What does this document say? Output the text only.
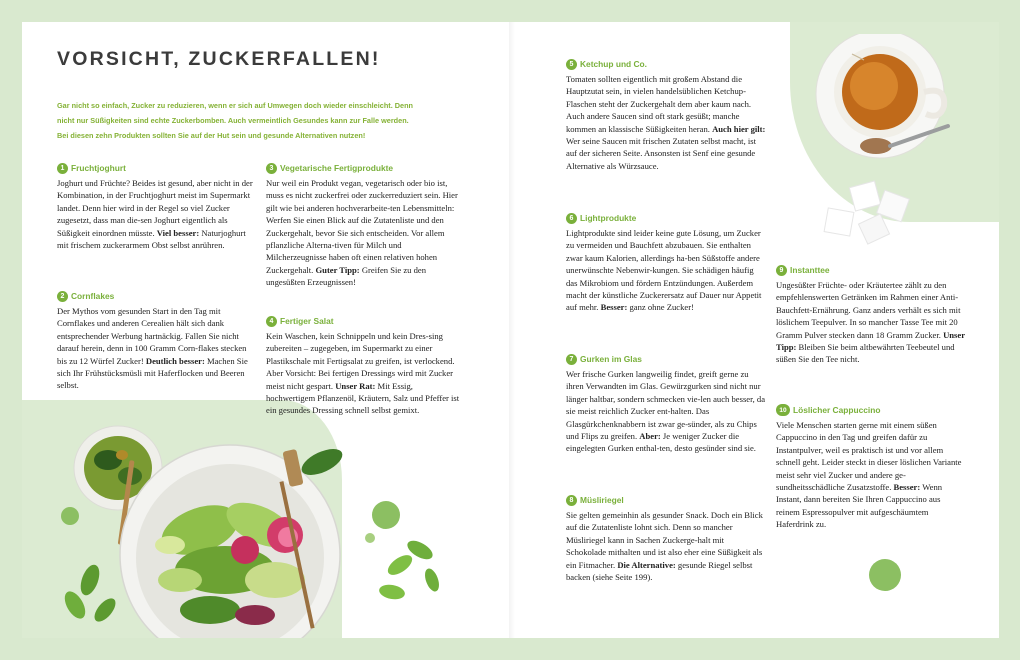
VORSICHT, ZUCKERFALLEN!

Gar nicht so einfach, Zucker zu reduzieren, wenn er sich auf Umwegen doch wieder einschleicht. Denn nicht nur Süßigkeiten sind echte Zuckerbomben. Auch vermeintlich Gesundes kann zur Falle werden. Bei diesen zehn Produkten sollten Sie auf der Hut sein und gesunde Alternativen nutzen!

1 Fruchtjoghurt

Joghurt und Früchte? Beides ist gesund, aber nicht in der Kombination, in der Fruchtjoghurt meist im Supermarkt landet. Denn hier wird in der Regel so viel Zucker zugesetzt, dass man die-sen Joghurt eigentlich als Süßigkeit einordnen müsste. Viel besser: Naturjoghurt mit frischem zuckerarmem Obst selbst anrühren.

2 Cornflakes

Der Mythos vom gesunden Start in den Tag mit Cornflakes und anderen Cerealien hält sich dank entsprechender Werbung hartnäckig. Fallen Sie nicht darauf herein, denn in 100 Gramm Corn-flakes stecken bis zu 12 Würfel Zucker! Deutlich besser: Machen Sie sich Ihr Frühstücksmüsli mit Haferflocken und Beeren selbst.

3 Vegetarische Fertigprodukte

Nur weil ein Produkt vegan, vegetarisch oder bio ist, muss es nicht zuckerfrei oder zuckerreduziert sein. Hier gilt wie bei anderen hochverarbeite-ten Lebensmitteln: Werfen Sie einen Blick auf die Zutatenliste und den Zuckergehalt, bevor Sie sich entscheiden. Vor allem pflanzliche Alterna-tiven für Milch und Milcherzeugnisse haben oft einen relativen hohen Zuckergehalt. Guter Tipp: Greifen Sie zu den ungesüßten Erzeugnissen!

4 Fertiger Salat

Kein Waschen, kein Schnippeln und kein Dres-sing zubereiten – zugegeben, im Supermarkt zu einer Plastikschale mit Fertigsalat zu greifen, ist verlockend. Aber Vorsicht: Bei fertigen Dressings wird mit Zucker meist nicht gespart. Unser Rat: Mit Essig, hochwertigem Pflanzenöl, Kräutern, Salz und Pfeffer ist ein gesundes Dressing schnell selbst gemixt.

5 Ketchup und Co.

Tomaten sollten eigentlich mit großem Abstand die Hauptzutat sein, in vielen handelsüblichen Ketchup-Flaschen steht der Zuckergehalt dem aber kaum nach. Auch andere Saucen sind oft stark gesüßt; manche kommen an klassische Süßigkeiten heran. Auch hier gilt: Wer seine Saucen mit frischen Zutaten selbst macht, ist auf der sicheren Seite. Ansonsten ist Senf eine gesunde Alternative als Würzsauce.

6 Lightprodukte

Lightprodukte sind leider keine gute Lösung, um Zucker zu vermeiden und Bauchfett abzubauen. Sie enthalten zwar kaum Kalorien, allerdings ha-ben Süßstoffe andere unerwünschte Nebenwir-kungen. Sie schädigen häufig das Mikrobiom und fördern Entzündungen. Außerdem macht der künstliche Zuckerersatz auf Dauer nur Appetit auf mehr. Besser: ganz ohne Zucker!

7 Gurken im Glas

Wer frische Gurken langweilig findet, greift gerne zu ihren Verwandten im Glas. Gewürzgurken sind nicht nur länger haltbar, sondern schmecken vie-len auch besser, da sie meist reichlich Zucker ent-halten. Das Glasgürkchenknabbern ist zwar ge-sünder, als zu Chips und Flips zu greifen. Aber: Je weniger Zucker die eingelegten Gurken enthal-ten, desto gesünder sind sie.

8 Müsliriegel

Sie gelten gemeinhin als gesunder Snack. Doch ein Blick auf die Zutatenliste lohnt sich. Denn so mancher Müsliriegel kann in Sachen Zuckerge-halt mit Schokolade mithalten und ist also eher eine Süßigkeit als ein Fitmacher. Die Alternative: gesunde Riegel selbst backen (siehe Seite 199).

9 Instanttee

Ungesüßter Früchte- oder Kräutertee zählt zu den empfehlenswerten Getränken im Rahmen einer Anti-Bauchfett-Ernährung. Ganz anders verhält es sich mit löslichem Teepulver. In so mancher Tasse Tee mit 20 Gramm Pulver stecken dann 18 Gramm Zucker. Unser Tipp: Bleiben Sie beim altbewährten Teebeutel und süßen Sie den Tee nicht.

10 Löslicher Cappuccino

Viele Menschen starten gerne mit einem süßen Cappuccino in den Tag und greifen dafür zu Instantpulver, weil es praktisch ist und vor allem schnell geht. Leider steckt in dieser löslichen Variante meist sehr viel Zucker und andere ge-sundheitsschädliche Zusatzstoffe. Besser: Wenn Instant, dann bereiten Sie Ihren Cappuccino aus reinem Espressopulver mit aufgeschäumtem Haferdrink zu.
